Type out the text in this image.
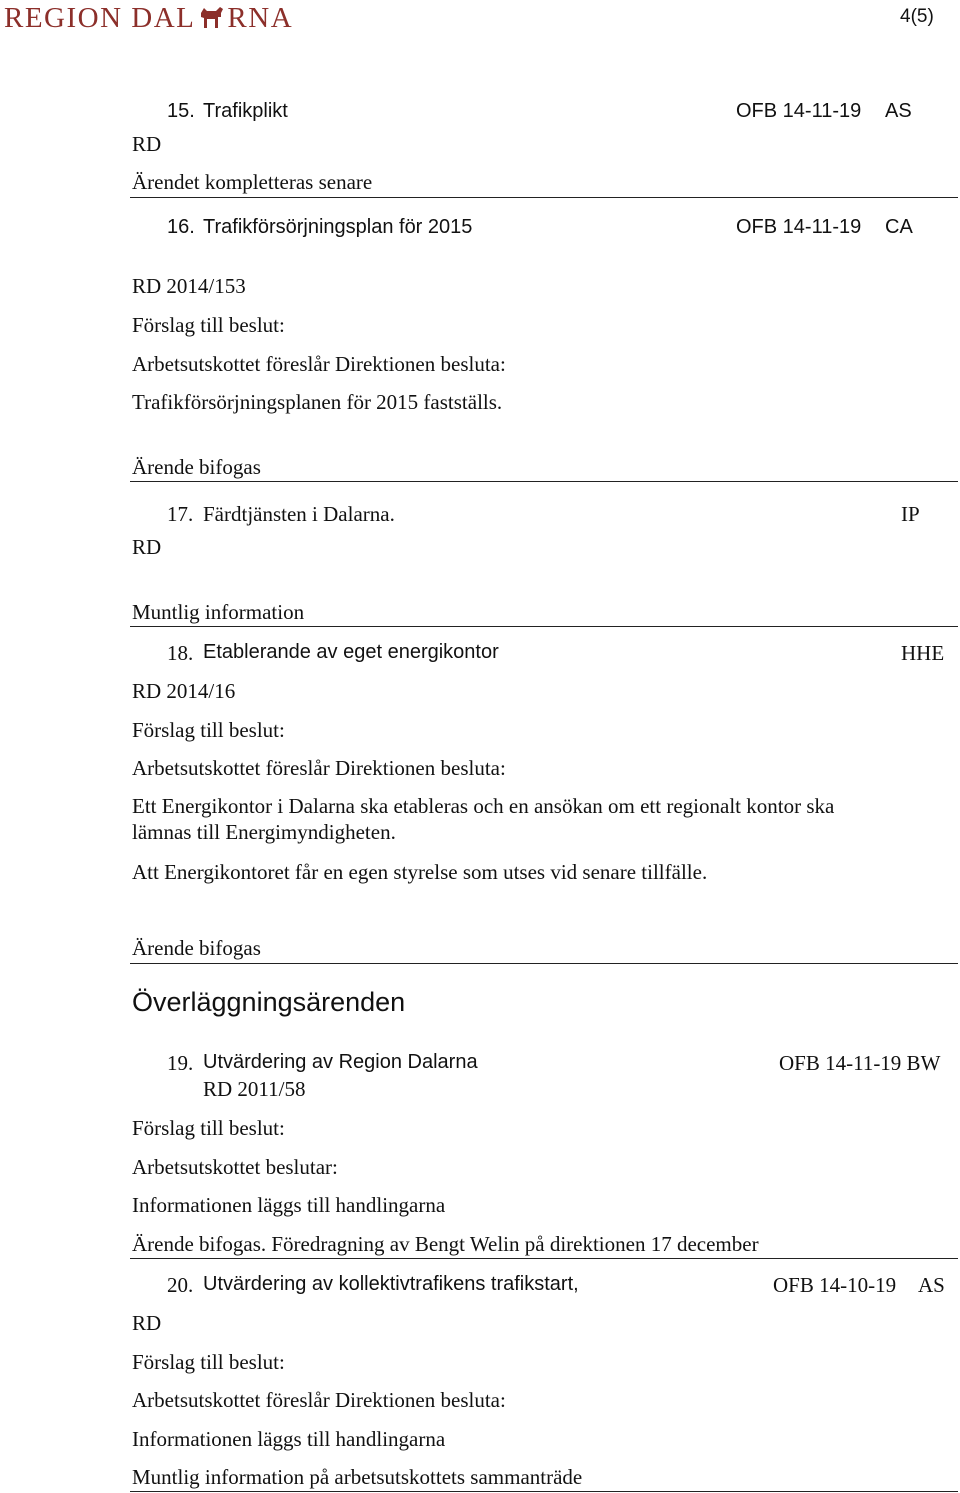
REGION DAL RNA	4(5)
15. Trafikplikt	OFB 14-11-19 AS
RD
Ärendet kompletteras senare
16. Trafikförsörjningsplan för 2015	OFB 14-11-19 CA
RD 2014/153
Förslag till beslut:
Arbetsutskottet föreslår Direktionen besluta:
Trafikförsörjningsplanen för 2015 fastställs.
Ärende bifogas
17. Färdtjänsten i Dalarna.	IP
RD
Muntlig information
18. Etablerande av eget energikontor	HHE
RD 2014/16
Förslag till beslut:
Arbetsutskottet föreslår Direktionen besluta:
Ett Energikontor i Dalarna ska etableras och en ansökan om ett regionalt kontor ska
lämnas till Energimyndigheten.
Att Energikontoret får en egen styrelse som utses vid senare tillfälle.
Ärende bifogas
Överläggningsärenden
19. Utvärdering av Region Dalarna	OFB 14-11-19 BW
RD 2011/58
Förslag till beslut:
Arbetsutskottet beslutar:
Informationen läggs till handlingarna
Ärende bifogas. Föredragning av Bengt Welin på direktionen 17 december
20. Utvärdering av kollektivtrafikens trafikstart,	OFB 14-10-19 AS
RD
Förslag till beslut:
Arbetsutskottet föreslår Direktionen besluta:
Informationen läggs till handlingarna
Muntlig information på arbetsutskottets sammanträde
